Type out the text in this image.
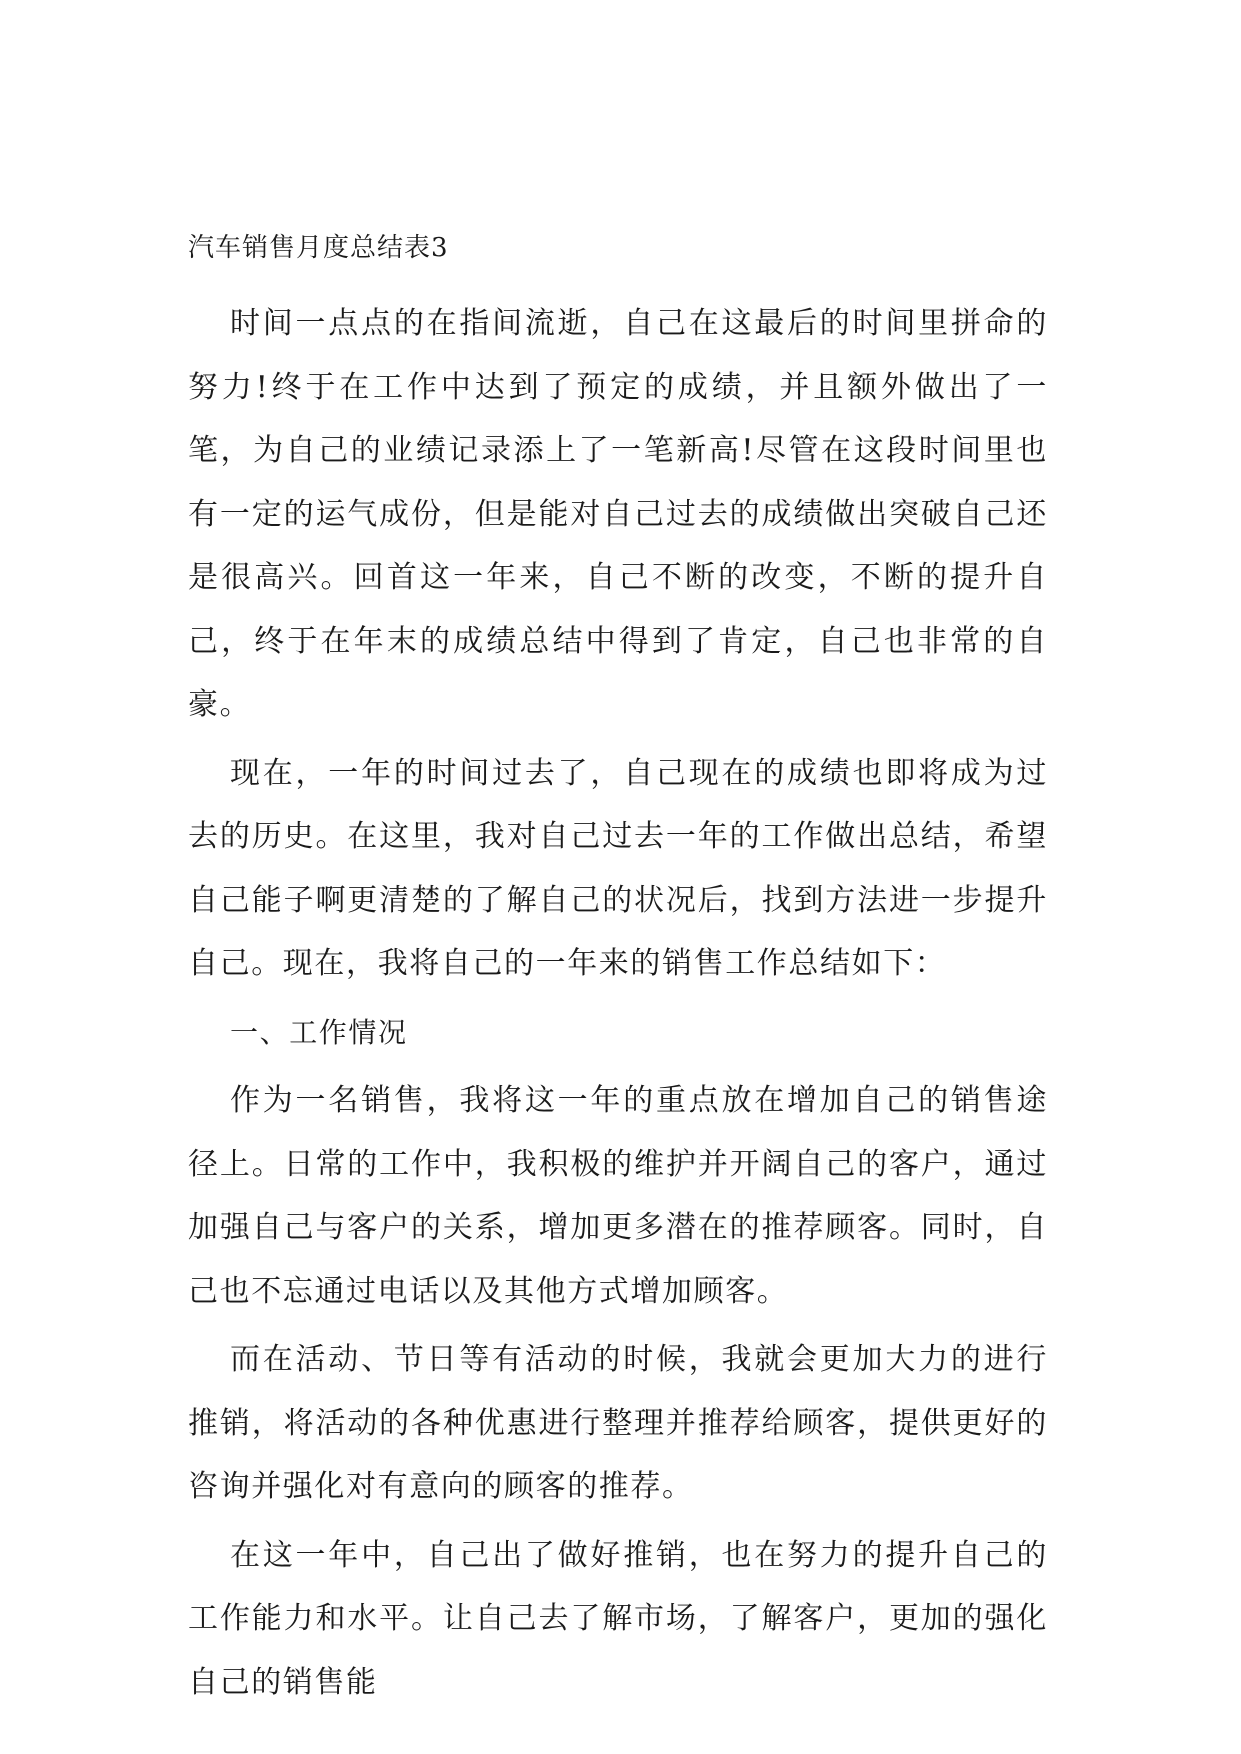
汽车销售月度总结表3

时间一点点的在指间流逝，自己在这最后的时间里拼命的努力!终于在工作中达到了预定的成绩，并且额外做出了一笔，为自己的业绩记录添上了一笔新高!尽管在这段时间里也有一定的运气成份，但是能对自己过去的成绩做出突破自己还是很高兴。回首这一年来，自己不断的改变，不断的提升自己，终于在年末的成绩总结中得到了肯定，自己也非常的自豪。

现在，一年的时间过去了，自己现在的成绩也即将成为过去的历史。在这里，我对自己过去一年的工作做出总结，希望自己能子啊更清楚的了解自己的状况后，找到方法进一步提升自己。现在，我将自己的一年来的销售工作总结如下：

一、工作情况

作为一名销售，我将这一年的重点放在增加自己的销售途径上。日常的工作中，我积极的维护并开阔自己的客户，通过加强自己与客户的关系，增加更多潜在的推荐顾客。同时，自己也不忘通过电话以及其他方式增加顾客。

而在活动、节日等有活动的时候，我就会更加大力的进行推销，将活动的各种优惠进行整理并推荐给顾客，提供更好的咨询并强化对有意向的顾客的推荐。

在这一年中，自己出了做好推销，也在努力的提升自己的工作能力和水平。让自己去了解市场，了解客户，更加的强化自己的销售能
